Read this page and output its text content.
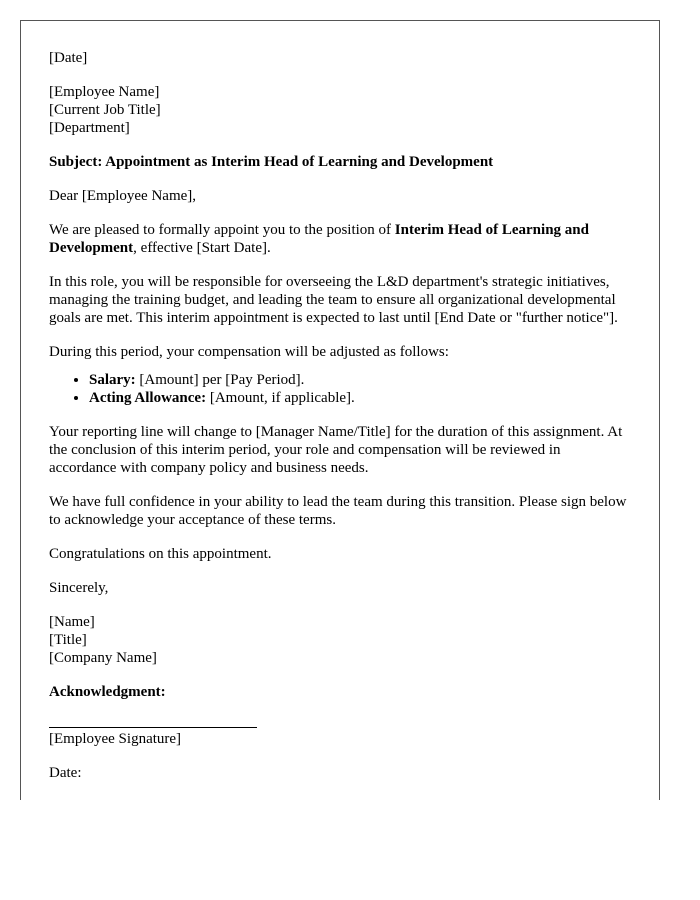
[Date]

[Employee Name]
[Current Job Title]
[Department]

Subject: Appointment as Interim Head of Learning and Development

Dear [Employee Name],

We are pleased to formally appoint you to the position of Interim Head of Learning and Development, effective [Start Date].

In this role, you will be responsible for overseeing the L&D department's strategic initiatives, managing the training budget, and leading the team to ensure all organizational developmental goals are met. This interim appointment is expected to last until [End Date or "further notice"].

During this period, your compensation will be adjusted as follows:

• Salary: [Amount] per [Pay Period].
• Acting Allowance: [Amount, if applicable].

Your reporting line will change to [Manager Name/Title] for the duration of this assignment. At the conclusion of this interim period, your role and compensation will be reviewed in accordance with company policy and business needs.

We have full confidence in your ability to lead the team during this transition. Please sign below to acknowledge your acceptance of these terms.

Congratulations on this appointment.

Sincerely,

[Name]
[Title]
[Company Name]

Acknowledgment:

[Employee Signature]

Date:
